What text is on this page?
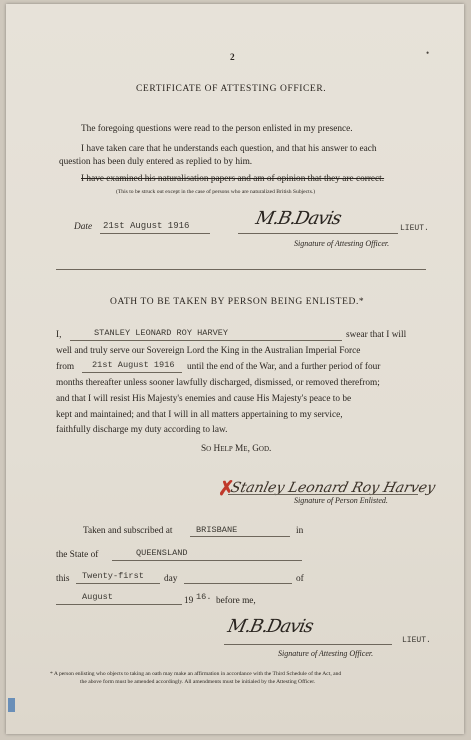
2	•
CERTIFICATE OF ATTESTING OFFICER.
The foregoing questions were read to the person enlisted in my presence.
I have taken care that he understands each question, and that his answer to each
question has been duly entered as replied to by him.
I have examined his naturalisation papers and am of opinion that they are correct.
(This to be struck out except in the case of persons who are naturalized British Subjects.)
Date 21st August 1916	M.B.Davis	LIEUT.
Signature of Attesting Officer.
OATH TO BE TAKEN BY PERSON BEING ENLISTED.*
I,	STANLEY LEONARD ROY HARVEY	swear that I will
well and truly serve our Sovereign Lord the King in the Australian Imperial Force
from 21st August 1916 until the end of the War, and a further period of four
months thereafter unless sooner lawfully discharged, dismissed, or removed therefrom;
and that I will resist His Majesty's enemies and cause His Majesty's peace to be
kept and maintained; and that I will in all matters appertaining to my service,
faithfully discharge my duty according to law.
So Help Me, God.
✗
Stanley Leonard Roy Harvey
Signature of Person Enlisted.
Taken and subscribed at	BRISBANE	in
the State of	QUEENSLAND
this Twenty-first day	of
August	19 16. before me,
M.B.Davis
LIEUT.
Signature of Attesting Officer.
* A person enlisting who objects to taking an oath may make an affirmation in accordance with the Third Schedule of the Act, and
the above form must be amended accordingly. All amendments must be initialed by the Attesting Officer.
